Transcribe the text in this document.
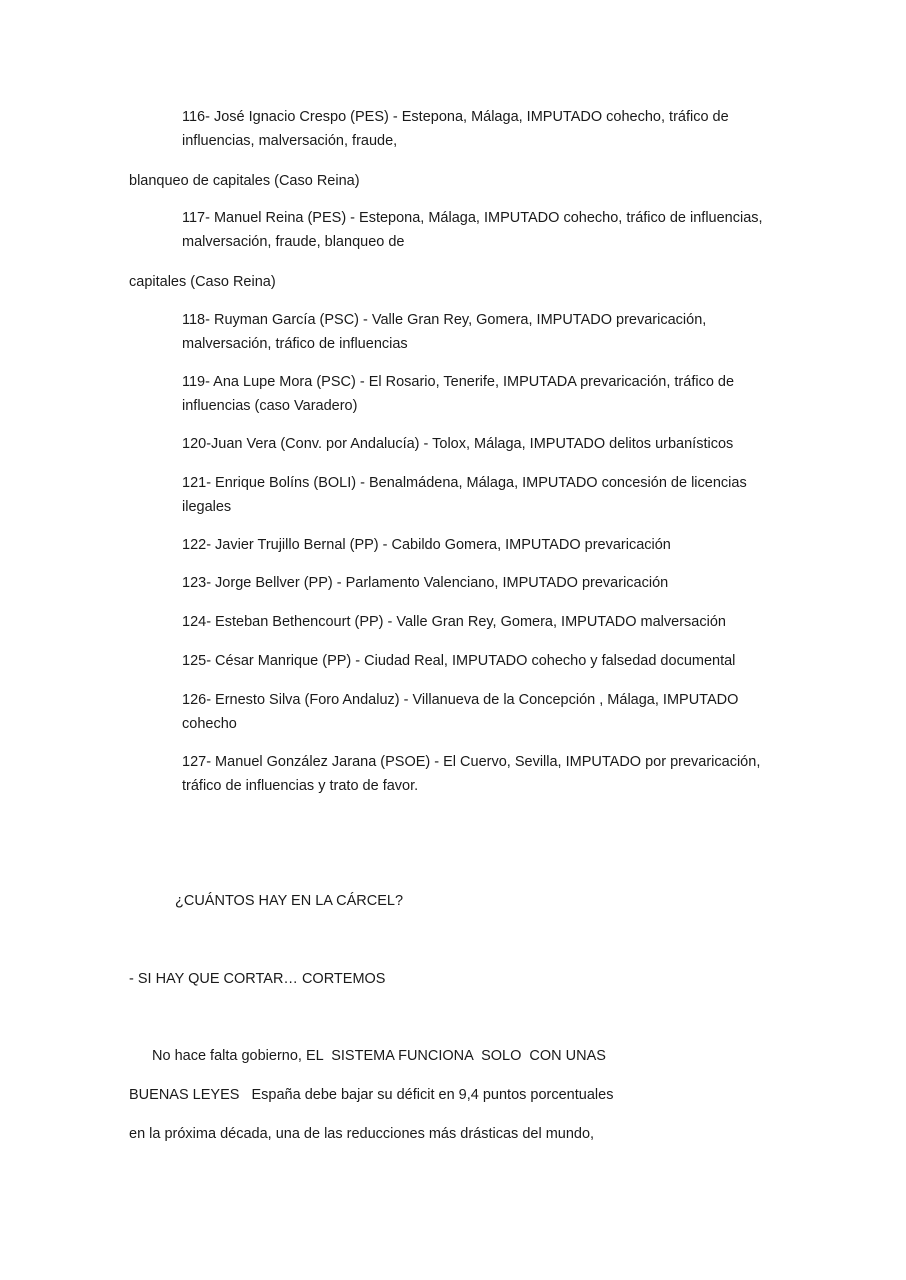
116- José Ignacio Crespo (PES) - Estepona, Málaga, IMPUTADO cohecho, tráfico de influencias, malversación, fraude,
blanqueo de capitales (Caso Reina)
117- Manuel Reina (PES) - Estepona, Málaga, IMPUTADO cohecho, tráfico de influencias, malversación, fraude, blanqueo de
capitales (Caso Reina)
118- Ruyman García (PSC) - Valle Gran Rey, Gomera, IMPUTADO prevaricación, malversación, tráfico de influencias
119- Ana Lupe Mora (PSC) - El Rosario, Tenerife, IMPUTADA prevaricación, tráfico de influencias (caso Varadero)
120-Juan Vera (Conv. por Andalucía) - Tolox, Málaga, IMPUTADO delitos urbanísticos
121- Enrique Bolíns (BOLI) - Benalmádena, Málaga, IMPUTADO concesión de licencias ilegales
122- Javier Trujillo Bernal (PP) - Cabildo Gomera, IMPUTADO prevaricación
123- Jorge Bellver (PP) - Parlamento Valenciano, IMPUTADO prevaricación
124- Esteban Bethencourt (PP) - Valle Gran Rey, Gomera, IMPUTADO malversación
125- César Manrique (PP) - Ciudad Real, IMPUTADO cohecho y falsedad documental
126- Ernesto Silva (Foro Andaluz) - Villanueva de la Concepción , Málaga, IMPUTADO cohecho
127- Manuel González Jarana (PSOE) - El Cuervo, Sevilla, IMPUTADO por prevaricación, tráfico de influencias y trato de favor.
¿CUÁNTOS HAY EN LA CÁRCEL?
- SI HAY QUE CORTAR… CORTEMOS
No hace falta gobierno, EL  SISTEMA FUNCIONA  SOLO  CON UNAS
BUENAS LEYES   España debe bajar su déficit en 9,4 puntos porcentuales
en la próxima década, una de las reducciones más drásticas del mundo,
